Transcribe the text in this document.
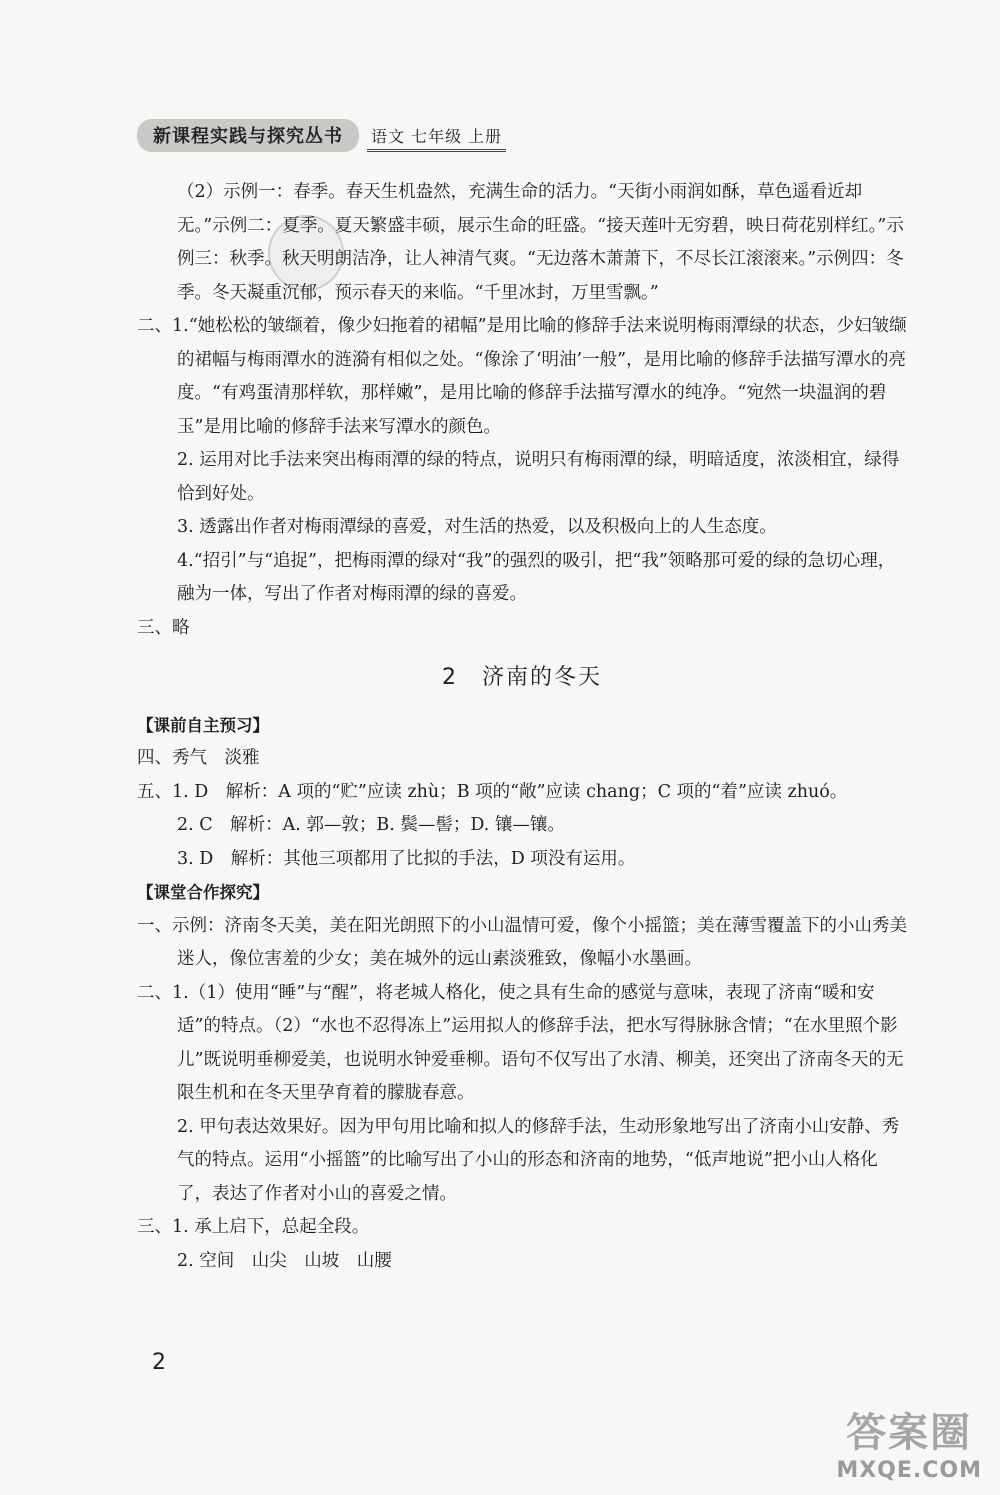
新课程实践与探究丛书	语文 七年级 上册

（2）示例一：春季。春天生机盎然，充满生命的活力。“天街小雨润如酥，草色遥看近却无。”示例二：夏季。夏天繁盛丰硕，展示生命的旺盛。“接天莲叶无穷碧，映日荷花别样红。”示例三：秋季。秋天明朗洁净，让人神清气爽。“无边落木萧萧下，不尽长江滚滚来。”示例四：冬季。冬天凝重沉郁，预示春天的来临。“千里冰封，万里雪飘。”

二、1.“她松松的皱缬着，像少妇拖着的裙幅”是用比喻的修辞手法来说明梅雨潭绿的状态，少妇皱缬的裙幅与梅雨潭水的涟漪有相似之处。“像涂了‘明油’一般”，是用比喻的修辞手法描写潭水的亮度。“有鸡蛋清那样软，那样嫩”，是用比喻的修辞手法描写潭水的纯净。“宛然一块温润的碧玉”是用比喻的修辞手法来写潭水的颜色。

2. 运用对比手法来突出梅雨潭的绿的特点，说明只有梅雨潭的绿，明暗适度，浓淡相宜，绿得恰到好处。

3. 透露出作者对梅雨潭绿的喜爱，对生活的热爱，以及积极向上的人生态度。

4.“招引”与“追捉”，把梅雨潭的绿对“我”的强烈的吸引，把“我”领略那可爱的绿的急切心理，融为一体，写出了作者对梅雨潭的绿的喜爱。

三、略

2　济南的冬天

【课前自主预习】

四、秀气　淡雅

五、1. D　解析：A 项的“贮”应读 zhù；B 项的“敞”应读 chang；C 项的“着”应读 zhuó。

2. C　解析：A. 郭—敦；B. 鬓—髻；D. 镶—镶。

3. D　解析：其他三项都用了比拟的手法，D 项没有运用。

【课堂合作探究】

一、示例：济南冬天美，美在阳光朗照下的小山温情可爱，像个小摇篮；美在薄雪覆盖下的小山秀美迷人，像位害羞的少女；美在城外的远山素淡雅致，像幅小水墨画。

二、1.（1）使用“睡”与“醒”，将老城人格化，使之具有生命的感觉与意味，表现了济南“暖和安适”的特点。（2）“水也不忍得冻上”运用拟人的修辞手法，把水写得脉脉含情；“在水里照个影儿”既说明垂柳爱美，也说明水钟爱垂柳。语句不仅写出了水清、柳美，还突出了济南冬天的无限生机和在冬天里孕育着的朦胧春意。

2. 甲句表达效果好。因为甲句用比喻和拟人的修辞手法，生动形象地写出了济南小山安静、秀气的特点。运用“小摇篮”的比喻写出了小山的形态和济南的地势，“低声地说”把小山人格化了，表达了作者对小山的喜爱之情。

三、1. 承上启下，总起全段。

2. 空间　山尖　山坡　山腰

2
答案圈
MXQE.COM
